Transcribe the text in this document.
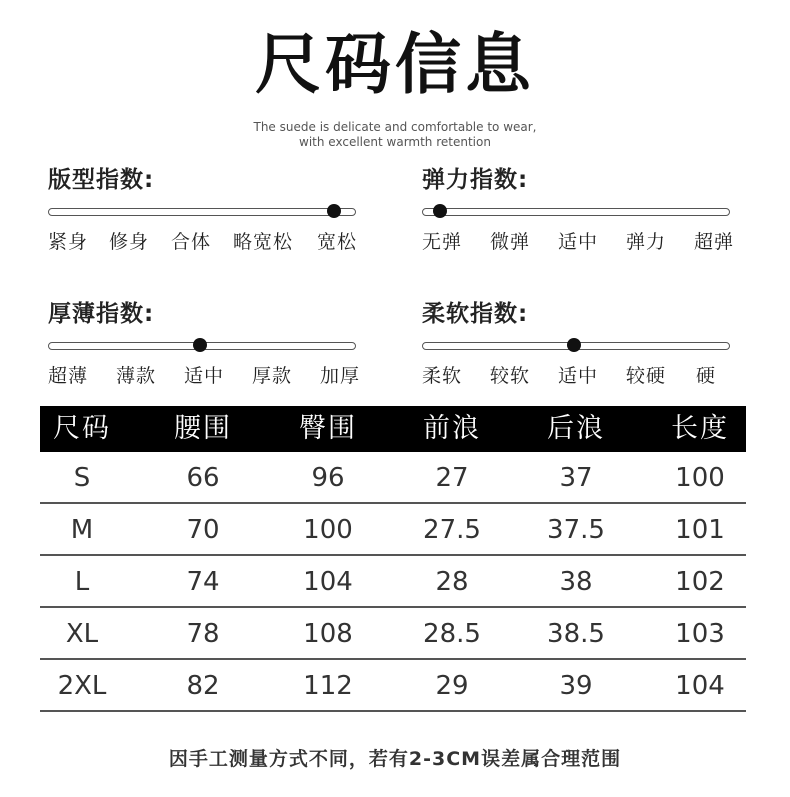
尺码信息
The suede is delicate and comfortable to wear,
with excellent warmth retention
版型指数:
紧身 修身 合体 略宽松 宽松
弹力指数:
无弹 微弹 适中 弹力 超弹
厚薄指数:
超薄 薄款 适中 厚款 加厚
柔软指数:
柔软 较软 适中 较硬 硬
尺码 腰围 臀围 前浪 后浪 长度
S	66	96	27	37	100
M	70	100	27.5	37.5	101
L	74	104	28	38	102
XL	78	108	28.5	38.5	103
2XL	82	112	29	39	104
因手工测量方式不同，若有2-3CM误差属合理范围
